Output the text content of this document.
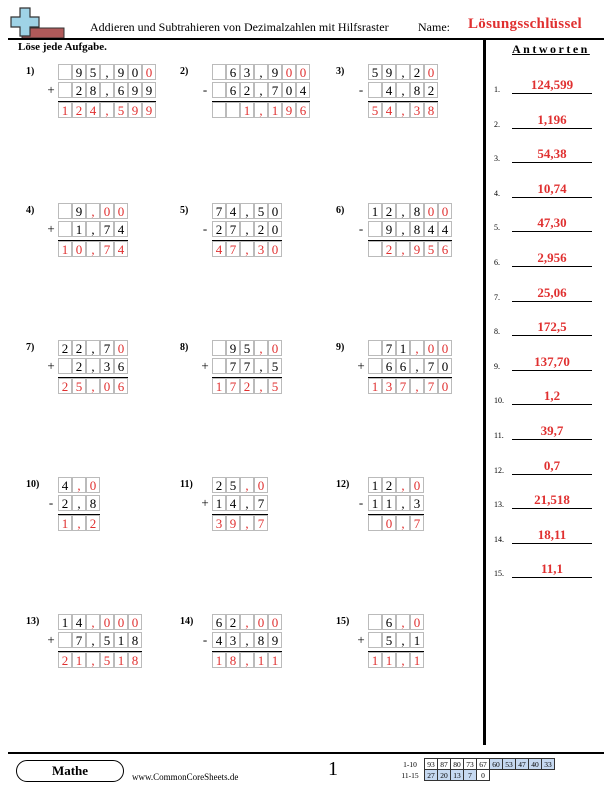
Addieren und Subtrahieren von Dezimalzahlen mit Hilfsraster Name: Lösungsschlüssel
Löse jede Aufgabe.	Antworten
1)	9 5 , 9 0 0
+ 2 8 , 6 9 9
1 2 4 , 5 9 9
2)	6 3 , 9 0 0
-	6 2 , 7 0 4
1 , 1 9 6
3) 5 9 , 2 0
-	4 , 8 2
5 4 , 3 8
4)	9 , 0 0
+ 1 , 7 4
1 0 , 7 4
5) 7 4 , 5 0
- 2 7 , 2 0
4 7 , 3 0
6) 1 2 , 8 0 0
-	9 , 8 4 4
2 , 9 5 6
7) 2 2 , 7 0
+ 2 , 3 6
2 5 , 0 6
8)	9 5 , 0
+ 7 7 , 5
1 7 2 , 5
9)	7 1 , 0 0
+ 6 6 , 7 0
1 3 7 , 7 0
10) 4 , 0
- 2 , 8
1 , 2
11) 2 5 , 0
+ 1 4 , 7
3 9 , 7
12) 1 2 , 0
- 1 1 , 3
0 , 7
13) 1 4 , 0 0 0
+ 7 , 5 1 8
2 1 , 5 1 8
14) 6 2 , 0 0
- 4 3 , 8 9
1 8 , 1 1
15)	6 , 0
+ 5 , 1
1 1 , 1
1.	124,599
2.	1,196
3.	54,38
4.	10,74
5.	47,30
6.	2,956
7.	25,06
8.	172,5
9.	137,70
10.	1,2
11.	39,7
12.	0,7
13.	21,518
14.	18,11
15.	11,1
Mathe	www.CommonCoreSheets.de	1	1-10	93	87	80	73	67	60	53	47	40	33
11-15	27	20	13	7	0
